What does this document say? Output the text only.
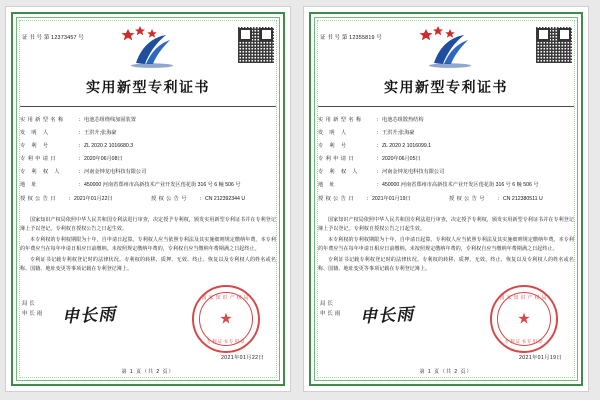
证 书 号 第 12373457 号
实用新型专利证书
实用新型名称	： 电池芯组绕线加固装置
发 明 人	： 王洪升;张海豪
专 利 号	： ZL 2020 2 1016680.3
专利申请日	： 2020年06月08日
专 利 权 人	： 河南金钟龙电科技有限公司
地 址	： 450000 河南省郑州市高新技术产业开发区莲花街 316 号 6 幢 506 号
授权公告日	： 2021年01月22日	授权公告号	： CN 212392344 U

国家知识产权局依照中华人民共和国专利法进行审查，决定授予专利权，颁发实用新型专利证书并在专利登记簿上予以登记。专利权自授权公告之日起生效。

本专利权的专利权期限为十年，自申请日起算。专利权人应当依照专利法及其实施细则规定缴纳年费。本专利的年费应当在每年申请日相应日前缴纳。未按照规定缴纳年费的，专利权自应当缴纳年费期满之日起终止。

专利证书记载专利权登记时的法律状况。专利权的转移、质押、无效、终止、恢复以及专利权人的姓名或名称、国籍、地址变更等事项记载在专利登记簿上。

局长
申长雨 申长雨
国家知识产权局
★
专利证书专用章
2021年01月22日
第 1 页（共 2 页）
证 书 号 第 12355819 号
实用新型专利证书
实用新型名称	： 电池芯组散热结构
发 明 人	： 王洪升;张海豪
专 利 号	： ZL 2020 2 1016099.1
专利申请日	： 2020年06月05日
专 利 权 人	： 河南金钟龙电科技有限公司
地 址	： 450000 河南省郑州市高新技术产业开发区莲花街 316 号 6 幢 506 号
授权公告日	： 2021年01月19日	授权公告号	： CN 212380511 U

国家知识产权局依照中华人民共和国专利法进行审查，决定授予专利权，颁发实用新型专利证书并在专利登记簿上予以登记。专利权自授权公告之日起生效。

本专利权的专利权期限为十年，自申请日起算。专利权人应当依照专利法及其实施细则规定缴纳年费。本专利的年费应当在每年申请日相应日前缴纳。未按照规定缴纳年费的，专利权自应当缴纳年费期满之日起终止。

专利证书记载专利权登记时的法律状况。专利权的转移、质押、无效、终止、恢复以及专利权人的姓名或名称、国籍、地址变更等事项记载在专利登记簿上。

局长
申长雨 申长雨
国家知识产权局
★
专利证书专用章
2021年01月19日
第 1 页（共 2 页）
